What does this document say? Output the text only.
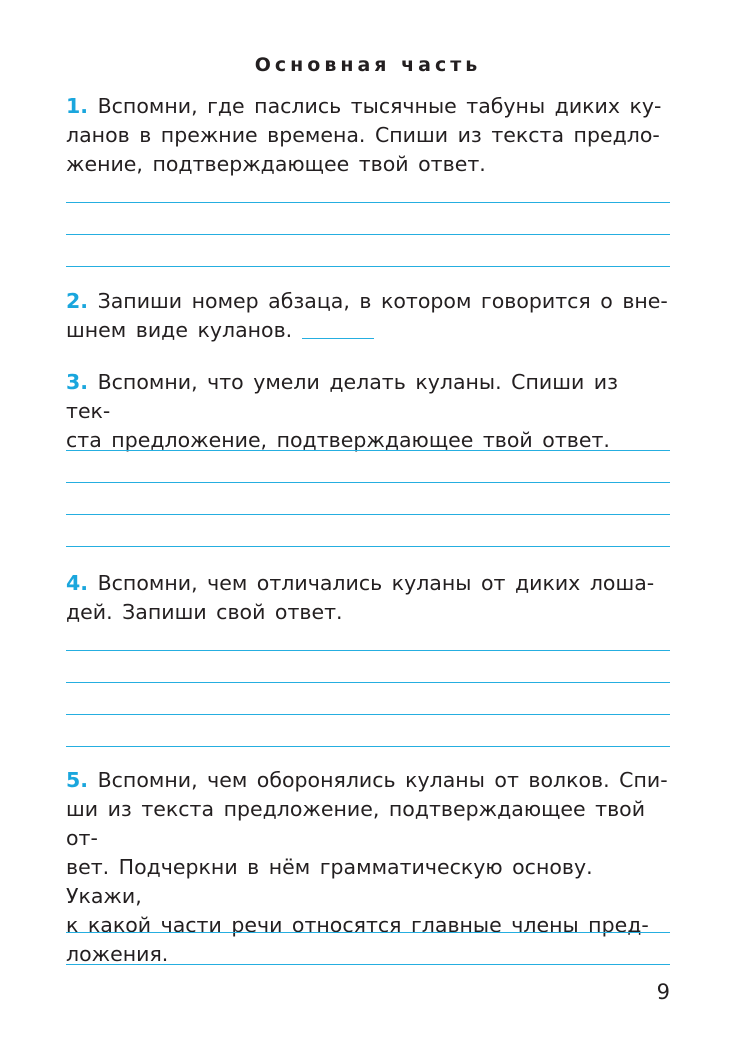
Основная часть
1. Вспомни, где паслись тысячные табуны диких ку-
ланов в прежние времена. Спиши из текста предло-
жение, подтверждающее твой ответ.
2. Запиши номер абзаца, в котором говорится о вне-
шнем виде куланов.
3. Вспомни, что умели делать куланы. Спиши из тек-
ста предложение, подтверждающее твой ответ.
4. Вспомни, чем отличались куланы от диких лоша-
дей. Запиши свой ответ.
5. Вспомни, чем оборонялись куланы от волков. Спи-
ши из текста предложение, подтверждающее твой от-
вет. Подчеркни в нём грамматическую основу. Укажи,
к какой части речи относятся главные члены пред-
ложения.
9
